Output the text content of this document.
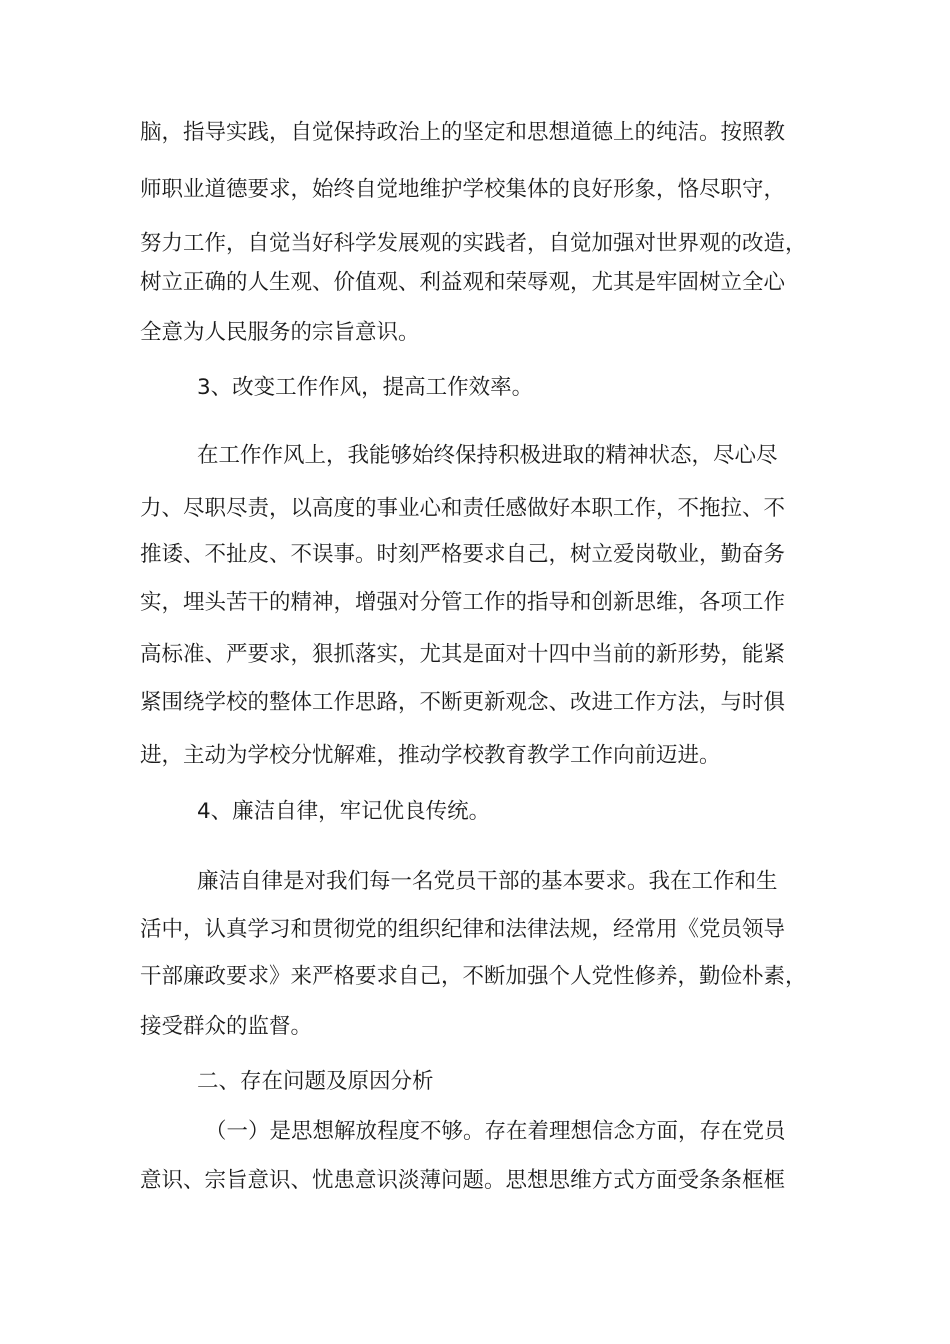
脑，指导实践，自觉保持政治上的坚定和思想道德上的纯洁。按照教

师职业道德要求，始终自觉地维护学校集体的良好形象，恪尽职守，

努力工作，自觉当好科学发展观的实践者，自觉加强对世界观的改造，

树立正确的人生观、价值观、利益观和荣辱观，尤其是牢固树立全心

全意为人民服务的宗旨意识。

3、改变工作作风，提高工作效率。

在工作作风上，我能够始终保持积极进取的精神状态，尽心尽

力、尽职尽责，以高度的事业心和责任感做好本职工作，不拖拉、不

推诿、不扯皮、不误事。时刻严格要求自己，树立爱岗敬业，勤奋务

实，埋头苦干的精神，增强对分管工作的指导和创新思维，各项工作

高标准、严要求，狠抓落实，尤其是面对十四中当前的新形势，能紧

紧围绕学校的整体工作思路，不断更新观念、改进工作方法，与时俱

进，主动为学校分忧解难，推动学校教育教学工作向前迈进。

4、廉洁自律，牢记优良传统。

廉洁自律是对我们每一名党员干部的基本要求。我在工作和生

活中，认真学习和贯彻党的组织纪律和法律法规，经常用《党员领导

干部廉政要求》来严格要求自己，不断加强个人党性修养，勤俭朴素，

接受群众的监督。

二、存在问题及原因分析

（一）是思想解放程度不够。存在着理想信念方面，存在党员

意识、宗旨意识、忧患意识淡薄问题。思想思维方式方面受条条框框
